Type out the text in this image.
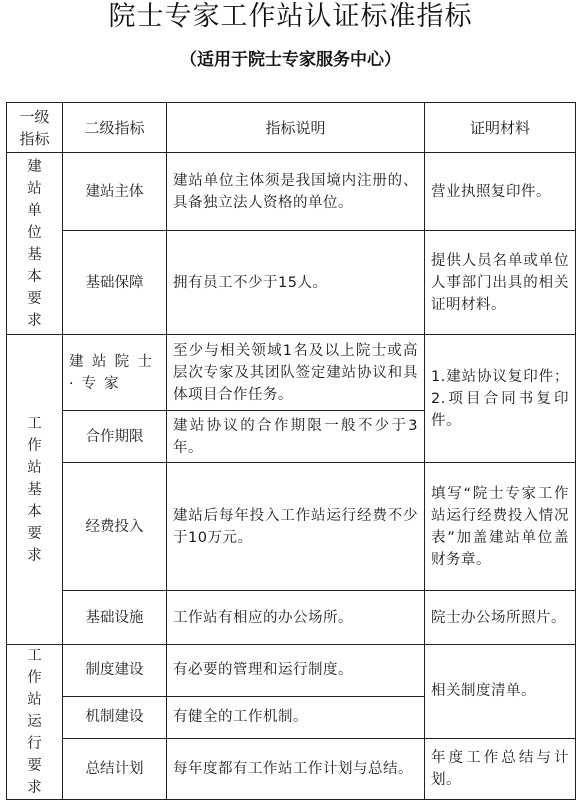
院士专家工作站认证标准指标
（适用于院士专家服务中心）
一级指标	二级指标	指标说明	证明材料
建站单位基本要求	建站主体	建站单位主体须是我国境内注册的、具备独立法人资格的单位。	营业执照复印件。
	基础保障	拥有员工不少于15人。	提供人员名单或单位人事部门出具的相关证明材料。
工作站基本要求	建站院士·专家	至少与相关领域1名及以上院士或高层次专家及其团队签定建站协议和具体项目合作任务。	1.建站协议复印件；2.项目合同书复印件。
	合作期限	建站协议的合作期限一般不少于3年。	
	经费投入	建站后每年投入工作站运行经费不少于10万元。	填写“院士专家工作站运行经费投入情况表”加盖建站单位盖财务章。
	基础设施	工作站有相应的办公场所。	院士办公场所照片。
工作站运行要求	制度建设	有必要的管理和运行制度。	相关制度清单。
	机制建设	有健全的工作机制。	
	总结计划	每年度都有工作站工作计划与总结。	年度工作总结与计划。
